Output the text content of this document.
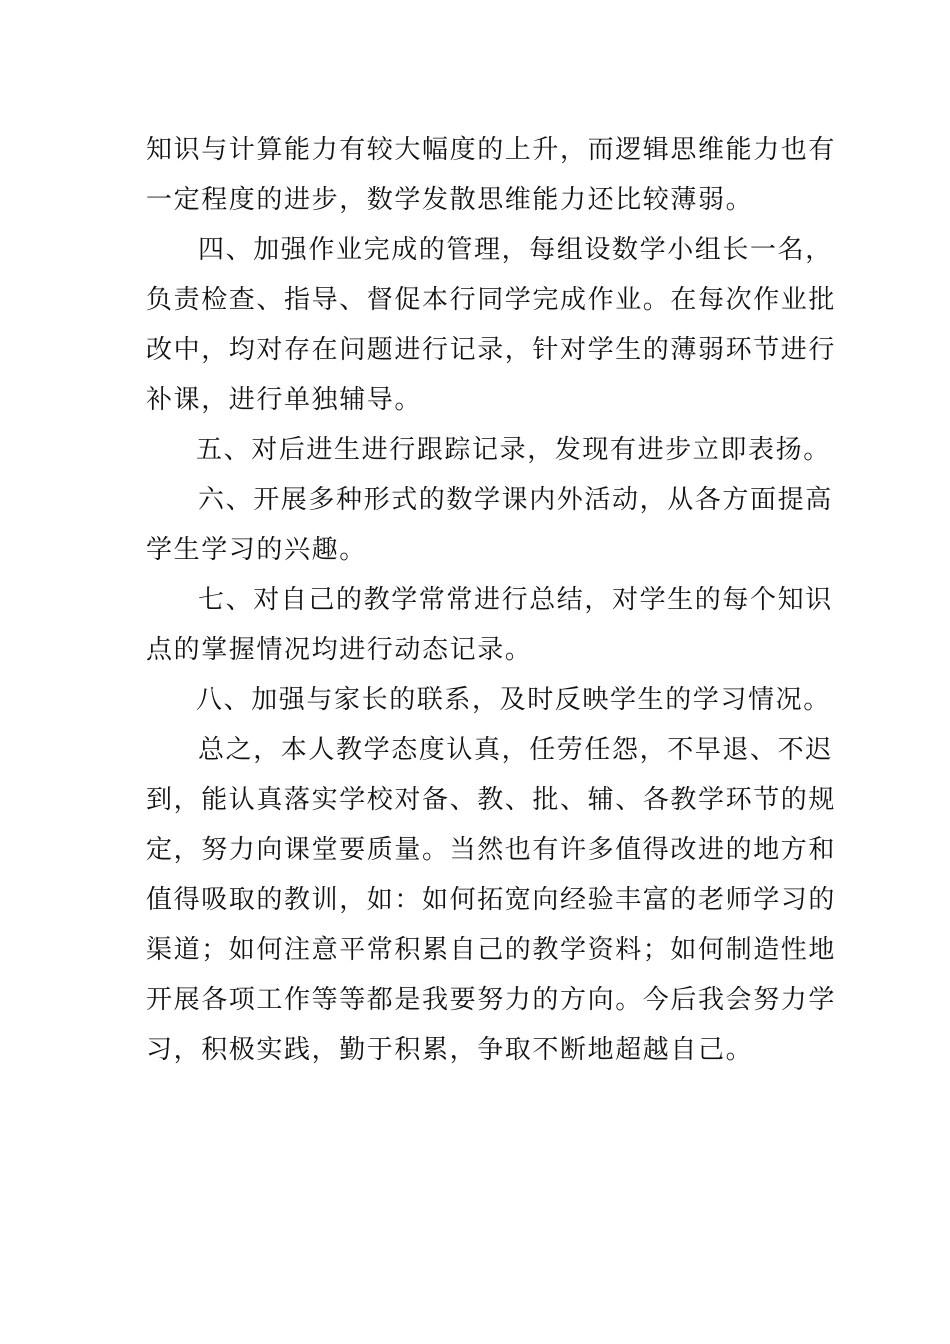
知识与计算能力有较大幅度的上升，而逻辑思维能力也有
一定程度的进步，数学发散思维能力还比较薄弱。
四、加强作业完成的管理，每组设数学小组长一名，
负责检查、指导、督促本行同学完成作业。在每次作业批
改中，均对存在问题进行记录，针对学生的薄弱环节进行
补课，进行单独辅导。
五、对后进生进行跟踪记录，发现有进步立即表扬。
六、开展多种形式的数学课内外活动，从各方面提高
学生学习的兴趣。
七、对自己的教学常常进行总结，对学生的每个知识
点的掌握情况均进行动态记录。
八、加强与家长的联系，及时反映学生的学习情况。
总之，本人教学态度认真，任劳任怨，不早退、不迟
到，能认真落实学校对备、教、批、辅、各教学环节的规
定，努力向课堂要质量。当然也有许多值得改进的地方和
值得吸取的教训，如：如何拓宽向经验丰富的老师学习的
渠道；如何注意平常积累自己的教学资料；如何制造性地
开展各项工作等等都是我要努力的方向。今后我会努力学
习，积极实践，勤于积累，争取不断地超越自己。
